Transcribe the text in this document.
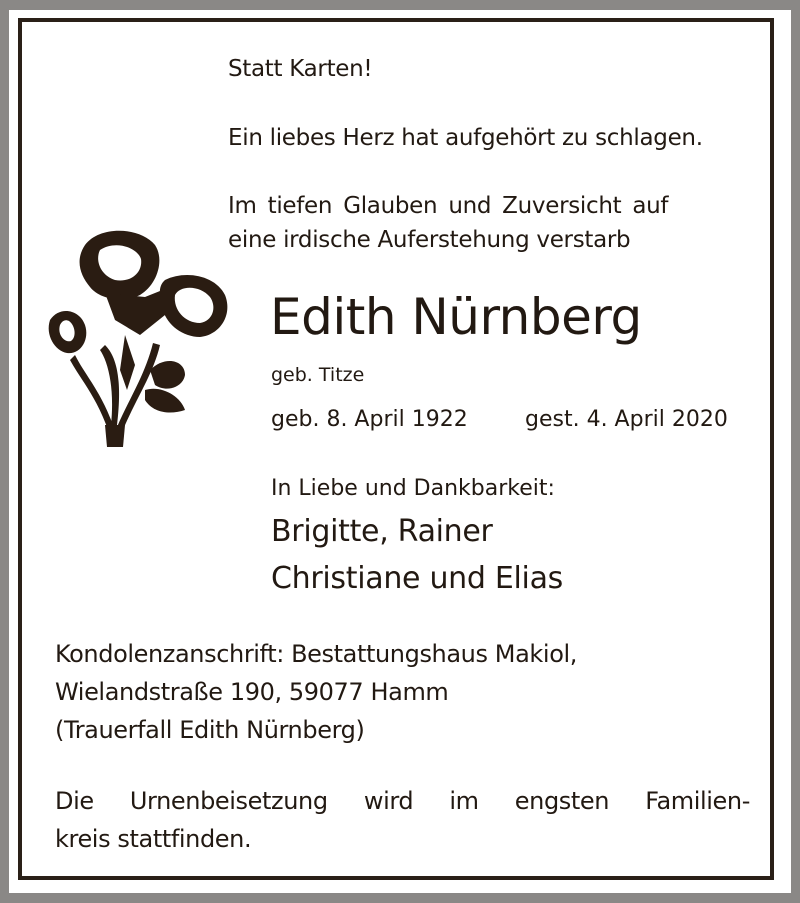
Statt Karten!
Ein liebes Herz hat aufgehört zu schlagen.
Im tiefen Glauben und Zuversicht auf
eine irdische Auferstehung verstarb
Edith Nürnberg
geb. Titze
geb. 8. April 1922	gest. 4. April 2020
In Liebe und Dankbarkeit:
Brigitte, Rainer
Christiane und Elias
Kondolenzanschrift: Bestattungshaus Makiol,
Wielandstraße 190, 59077 Hamm
(Trauerfall Edith Nürnberg)
Die Urnenbeisetzung wird im engsten Familien-
kreis stattfinden.
